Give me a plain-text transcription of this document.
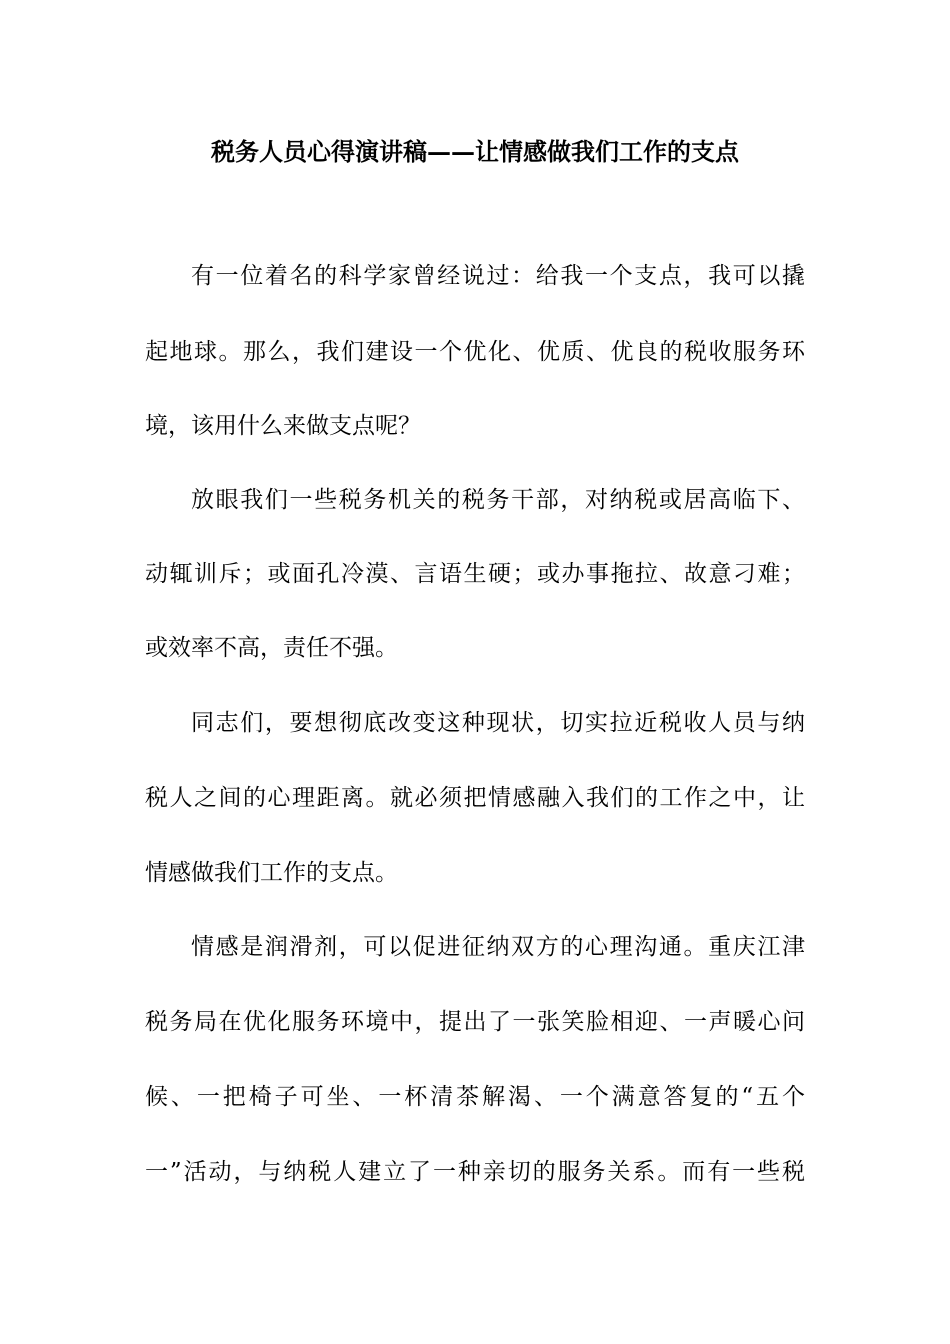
税务人员心得演讲稿——让情感做我们工作的支点

有一位着名的科学家曾经说过：给我一个支点，我可以撬

起地球。那么，我们建设一个优化、优质、优良的税收服务环

境，该用什么来做支点呢？

放眼我们一些税务机关的税务干部，对纳税或居高临下、

动辄训斥；或面孔冷漠、言语生硬；或办事拖拉、故意刁难；

或效率不高，责任不强。

同志们，要想彻底改变这种现状，切实拉近税收人员与纳

税人之间的心理距离。就必须把情感融入我们的工作之中，让

情感做我们工作的支点。

情感是润滑剂，可以促进征纳双方的心理沟通。重庆江津

税务局在优化服务环境中，提出了一张笑脸相迎、一声暖心问

候、一把椅子可坐、一杯清茶解渴、一个满意答复的“五个

一”活动，与纳税人建立了一种亲切的服务关系。而有一些税
